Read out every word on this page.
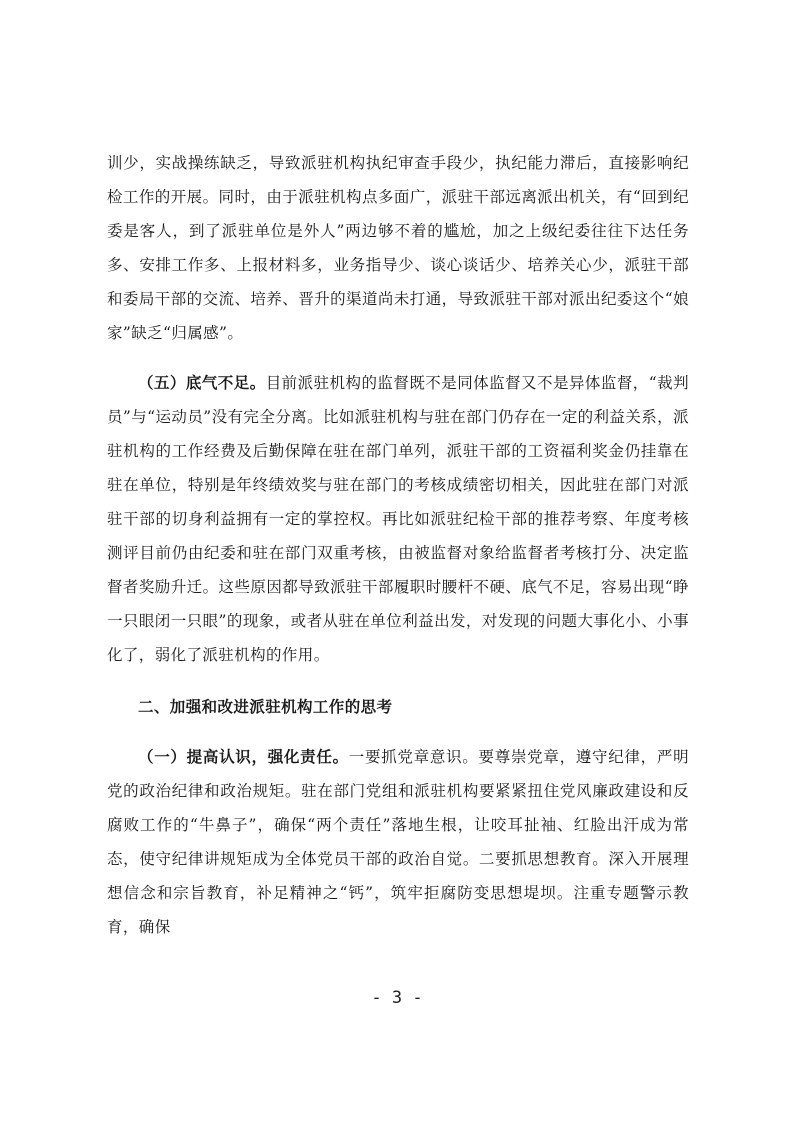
训少，实战操练缺乏，导致派驻机构执纪审查手段少，执纪能力滞后，直接影响纪检工作的开展。同时，由于派驻机构点多面广，派驻干部远离派出机关，有“回到纪委是客人，到了派驻单位是外人”两边够不着的尴尬，加之上级纪委往往下达任务多、安排工作多、上报材料多，业务指导少、谈心谈话少、培养关心少，派驻干部和委局干部的交流、培养、晋升的渠道尚未打通，导致派驻干部对派出纪委这个“娘家”缺乏“归属感”。

（五）底气不足。目前派驻机构的监督既不是同体监督又不是异体监督，“裁判员”与“运动员”没有完全分离。比如派驻机构与驻在部门仍存在一定的利益关系，派驻机构的工作经费及后勤保障在驻在部门单列，派驻干部的工资福利奖金仍挂靠在驻在单位，特别是年终绩效奖与驻在部门的考核成绩密切相关，因此驻在部门对派驻干部的切身利益拥有一定的掌控权。再比如派驻纪检干部的推荐考察、年度考核测评目前仍由纪委和驻在部门双重考核，由被监督对象给监督者考核打分、决定监督者奖励升迁。这些原因都导致派驻干部履职时腰杆不硬、底气不足，容易出现“睁一只眼闭一只眼”的现象，或者从驻在单位利益出发，对发现的问题大事化小、小事化了，弱化了派驻机构的作用。

二、加强和改进派驻机构工作的思考

（一）提高认识，强化责任。一要抓党章意识。要尊崇党章，遵守纪律，严明党的政治纪律和政治规矩。驻在部门党组和派驻机构要紧紧扭住党风廉政建设和反腐败工作的“牛鼻子”，确保“两个责任”落地生根，让咬耳扯袖、红脸出汗成为常态，使守纪律讲规矩成为全体党员干部的政治自觉。二要抓思想教育。深入开展理想信念和宗旨教育，补足精神之“钙”，筑牢拒腐防变思想堤坝。注重专题警示教育，确保

- 3 -
